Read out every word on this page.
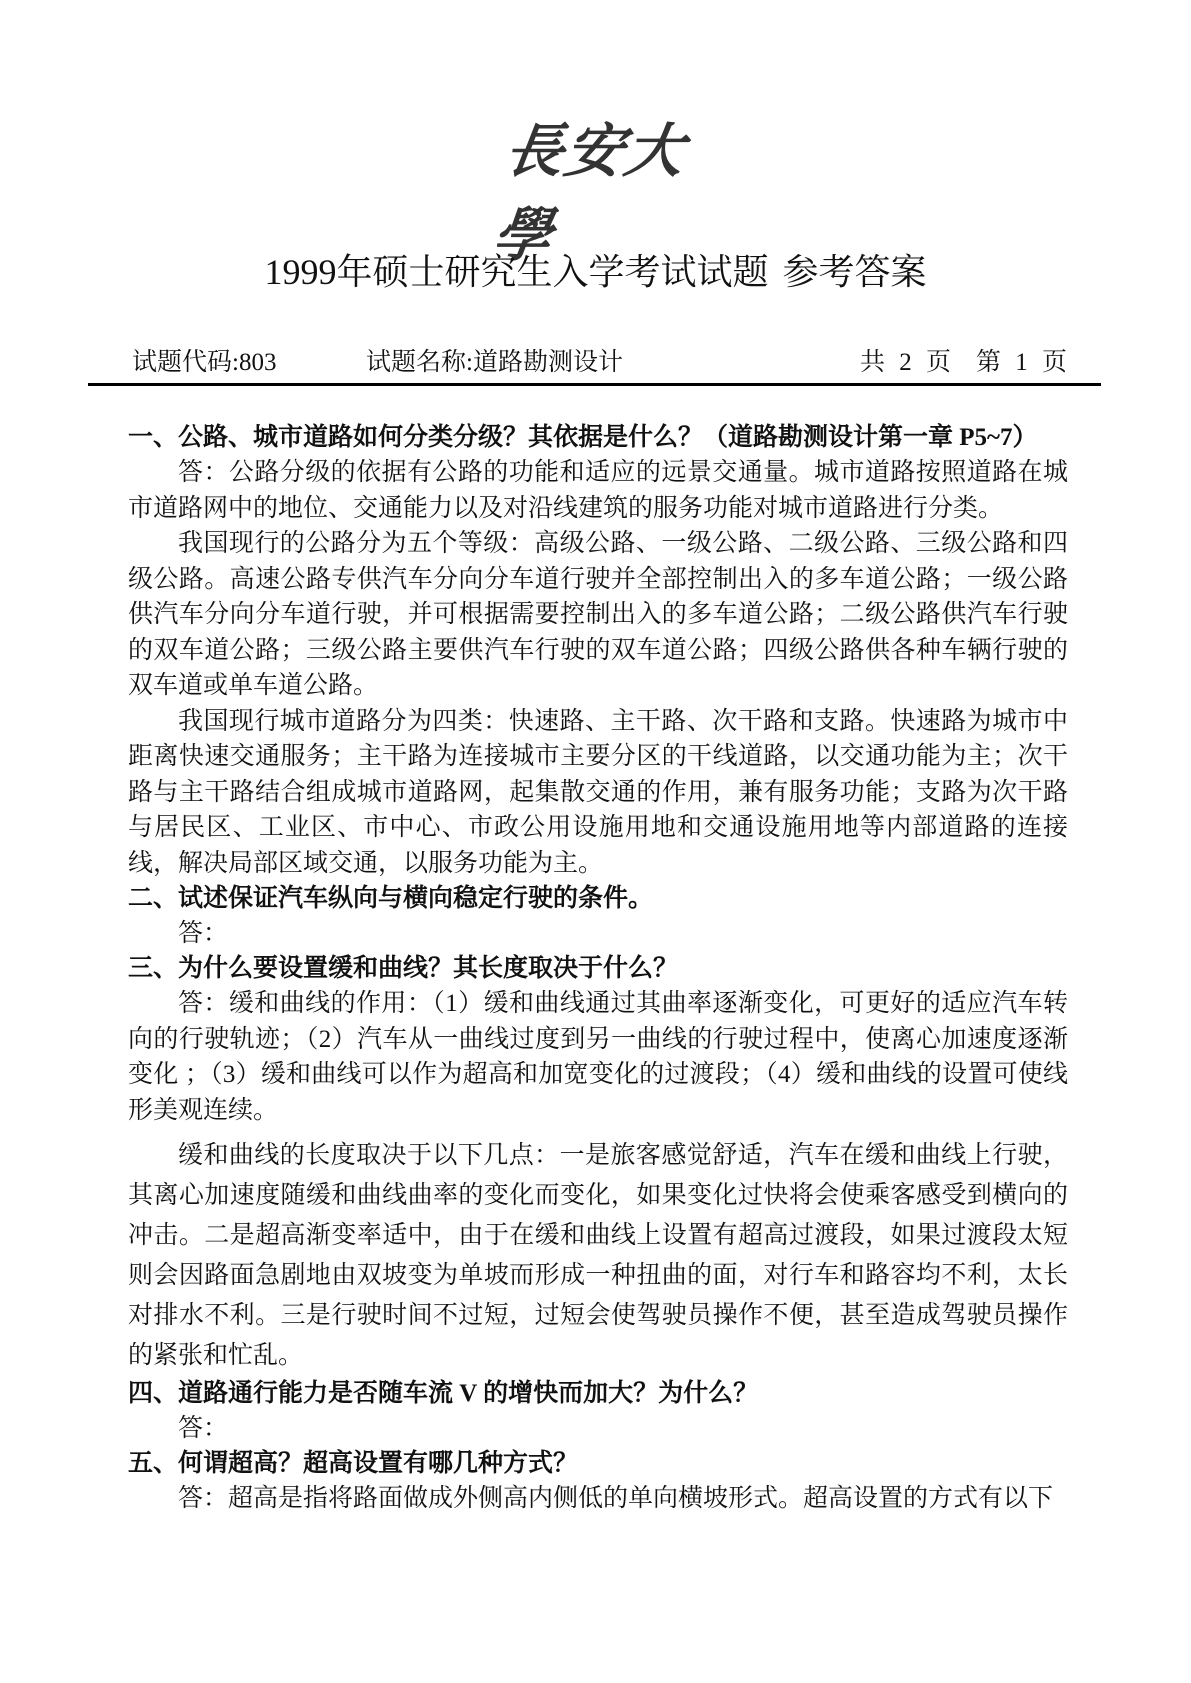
長安大學
1999年硕士研究生入学考试试题 参考答案
试题代码:803	试题名称:道路勘测设计	共 2 页　第 1 页

一、公路、城市道路如何分类分级？其依据是什么？（道路勘测设计第一章 P5~7）

答：公路分级的依据有公路的功能和适应的远景交通量。城市道路按照道路在城市道路网中的地位、交通能力以及对沿线建筑的服务功能对城市道路进行分类。

我国现行的公路分为五个等级：高级公路、一级公路、二级公路、三级公路和四级公路。高速公路专供汽车分向分车道行驶并全部控制出入的多车道公路；一级公路供汽车分向分车道行驶，并可根据需要控制出入的多车道公路；二级公路供汽车行驶的双车道公路；三级公路主要供汽车行驶的双车道公路；四级公路供各种车辆行驶的双车道或单车道公路。

我国现行城市道路分为四类：快速路、主干路、次干路和支路。快速路为城市中距离快速交通服务；主干路为连接城市主要分区的干线道路，以交通功能为主；次干路与主干路结合组成城市道路网，起集散交通的作用，兼有服务功能；支路为次干路与居民区、工业区、市中心、市政公用设施用地和交通设施用地等内部道路的连接线，解决局部区域交通，以服务功能为主。

二、试述保证汽车纵向与横向稳定行驶的条件。

答：

三、为什么要设置缓和曲线？其长度取决于什么？

答：缓和曲线的作用：（1）缓和曲线通过其曲率逐渐变化，可更好的适应汽车转向的行驶轨迹；（2）汽车从一曲线过度到另一曲线的行驶过程中，使离心加速度逐渐变化 ；（3）缓和曲线可以作为超高和加宽变化的过渡段；（4）缓和曲线的设置可使线形美观连续。

缓和曲线的长度取决于以下几点：一是旅客感觉舒适，汽车在缓和曲线上行驶，其离心加速度随缓和曲线曲率的变化而变化，如果变化过快将会使乘客感受到横向的冲击。二是超高渐变率适中，由于在缓和曲线上设置有超高过渡段，如果过渡段太短则会因路面急剧地由双坡变为单坡而形成一种扭曲的面，对行车和路容均不利，太长对排水不利。三是行驶时间不过短，过短会使驾驶员操作不便，甚至造成驾驶员操作的紧张和忙乱。

四、道路通行能力是否随车流 V 的增快而加大？为什么？

答：

五、何谓超高？超高设置有哪几种方式？

答：超高是指将路面做成外侧高内侧低的单向横坡形式。超高设置的方式有以下
